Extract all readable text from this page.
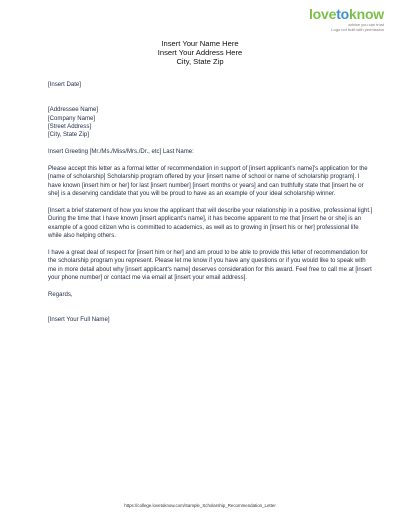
lovetoknow
advice you can trust
Logo not built with permission
Insert Your Name Here
Insert Your Address Here
City, State Zip

[Insert Date]

[Addressee Name]

[Company Name]

[Street Address]

[City, State Zip]

Insert Greeting [Mr./Ms./Miss/Mrs./Dr., etc] Last Name:

Please accept this letter as a formal letter of recommendation in support of [insert applicant's name]'s application for the [name of scholarship] Scholarship program offered by your [insert name of school or name of scholarship program]. I have known [insert him or her] for last [insert number] [insert months or years] and can truthfully state that [insert he or she] is a deserving candidate that you will be proud to have as an example of your ideal scholarship winner.

[Insert a brief statement of how you know the applicant that will describe your relationship in a positive, professional light.] During the time that I have known [insert applicant's name], it has become apparent to me that [insert he or she] is an example of a good citizen who is committed to academics, as well as to growing in [insert his or her] professional life while also helping others.

I have a great deal of respect for [insert him or her] and am proud to be able to provide this letter of recommendation for the scholarship program you represent. Please let me know if you have any questions or if you would like to speak with me in more detail about why [insert applicant's name] deserves consideration for this award. Feel free to call me at [insert your phone number] or contact me via email at [insert your email address].

Regards,

[Insert Your Full Name]

https://college.lovetoknow.com/Sample_Scholarship_Recommendation_Letter
